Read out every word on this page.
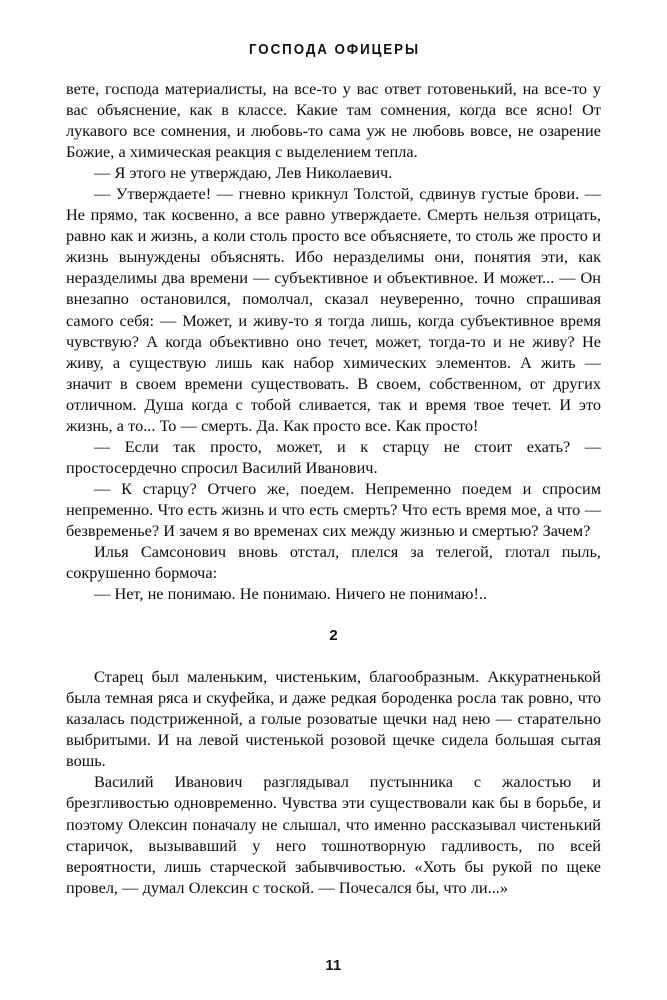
ГОСПОДА ОФИЦЕРЫ

вете, господа материалисты, на все-то у вас ответ готовенький, на все-то у вас объяснение, как в классе. Какие там сомнения, когда все ясно! От лукавого все сомнения, и любовь-то сама уж не любовь вовсе, не озарение Божие, а химическая реакция с выделением тепла.

— Я этого не утверждаю, Лев Николаевич.

— Утверждаете! — гневно крикнул Толстой, сдвинув густые брови. — Не прямо, так косвенно, а все равно утверждаете. Смерть нельзя отрицать, равно как и жизнь, а коли столь просто все объясняете, то столь же просто и жизнь вынуждены объяснять. Ибо неразделимы они, понятия эти, как неразделимы два времени — субъективное и объективное. И может... — Он внезапно остановился, помолчал, сказал неуверенно, точно спрашивая самого себя: — Может, и живу-то я тогда лишь, когда субъективное время чувствую? А когда объективно оно течет, может, тогда-то и не живу? Не живу, а существую лишь как набор химических элементов. А жить — значит в своем времени существовать. В своем, собственном, от других отличном. Душа когда с тобой сливается, так и время твое течет. И это жизнь, а то... То — смерть. Да. Как просто все. Как просто!

— Если так просто, может, и к старцу не стоит ехать? — простосердечно спросил Василий Иванович.

— К старцу? Отчего же, поедем. Непременно поедем и спросим непременно. Что есть жизнь и что есть смерть? Что есть время мое, а что — безвременье? И зачем я во временах сих между жизнью и смертью? Зачем?

Илья Самсонович вновь отстал, плелся за телегой, глотал пыль, сокрушенно бормоча:

— Нет, не понимаю. Не понимаю. Ничего не понимаю!..

2

Старец был маленьким, чистеньким, благообразным. Аккуратненькой была темная ряса и скуфейка, и даже редкая бороденка росла так ровно, что казалась подстриженной, а голые розоватые щечки над нею — старательно выбритыми. И на левой чистенькой розовой щечке сидела большая сытая вошь.

Василий Иванович разглядывал пустынника с жалостью и брезгливостью одновременно. Чувства эти существовали как бы в борьбе, и поэтому Олексин поначалу не слышал, что именно рассказывал чистенький старичок, вызывавший у него тошнотворную гадливость, по всей вероятности, лишь старческой забывчивостью. «Хоть бы рукой по щеке провел, — думал Олексин с тоской. — Почесался бы, что ли...»

11
